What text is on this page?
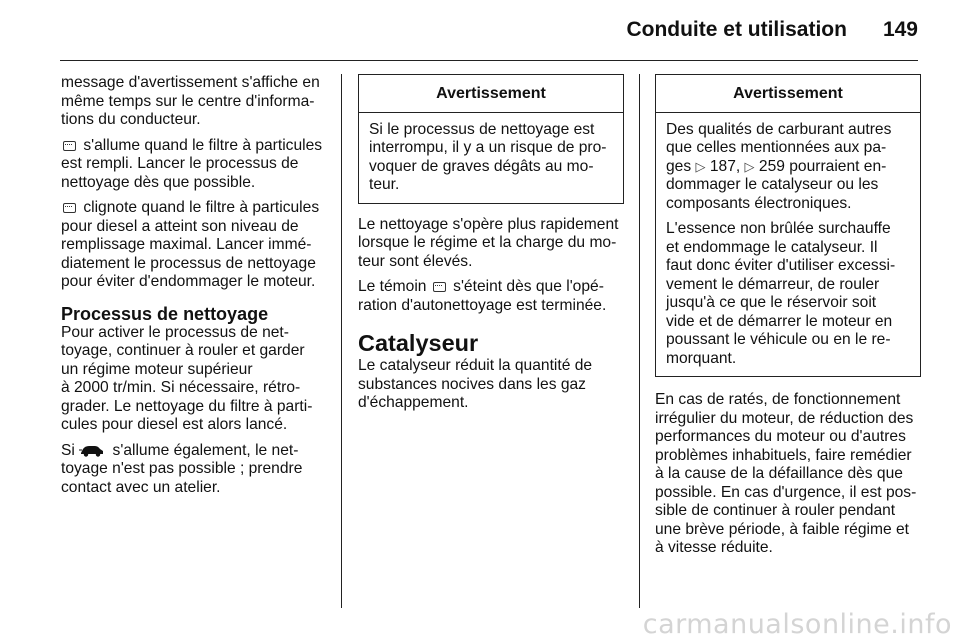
Conduite et utilisation 149

message d'avertissement s'affiche en
même temps sur le centre d'informa-
tions du conducteur.

s'allume quand le filtre à particules
est rempli. Lancer le processus de
nettoyage dès que possible.

clignote quand le filtre à particules
pour diesel a atteint son niveau de
remplissage maximal. Lancer immé-
diatement le processus de nettoyage
pour éviter d'endommager le moteur.

Processus de nettoyage

Pour activer le processus de net-
toyage, continuer à rouler et garder
un régime moteur supérieur
à 2000 tr/min. Si nécessaire, rétro-
grader. Le nettoyage du filtre à parti-
cules pour diesel est alors lancé.

Si
s'allume également, le net-
toyage n'est pas possible ; prendre
contact avec un atelier.

Avertissement

Si le processus de nettoyage est
interrompu, il y a un risque de pro-
voquer de graves dégâts au mo-
teur.

Le nettoyage s'opère plus rapidement
lorsque le régime et la charge du mo-
teur sont élevés.

Le témoin  s'éteint dès que l'opé-
ration d'autonettoyage est terminée.

Catalyseur

Le catalyseur réduit la quantité de
substances nocives dans les gaz
d'échappement.

Avertissement

Des qualités de carburant autres
que celles mentionnées aux pa-
ges ▷ 187, ▷ 259 pourraient en-
dommager le catalyseur ou les
composants électroniques.

L'essence non brûlée surchauffe
et endommage le catalyseur. Il
faut donc éviter d'utiliser excessi-
vement le démarreur, de rouler
jusqu'à ce que le réservoir soit
vide et de démarrer le moteur en
poussant le véhicule ou en le re-
morquant.

En cas de ratés, de fonctionnement
irrégulier du moteur, de réduction des
performances du moteur ou d'autres
problèmes inhabituels, faire remédier
à la cause de la défaillance dès que
possible. En cas d'urgence, il est pos-
sible de continuer à rouler pendant
une brève période, à faible régime et
à vitesse réduite.

carmanualsonline.info
